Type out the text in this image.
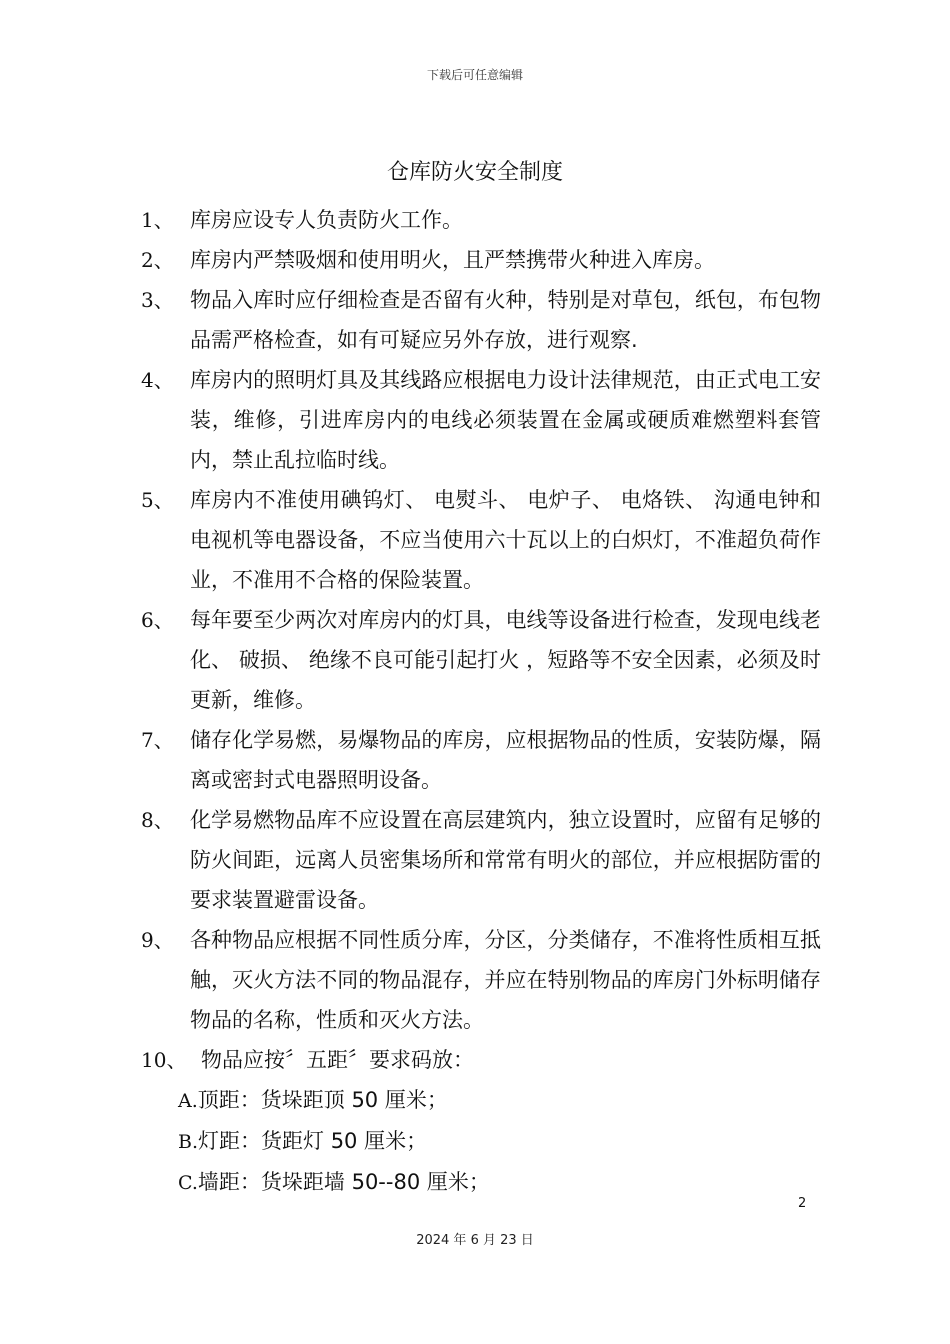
下载后可任意编辑
仓库防火安全制度
1、 库房应设专人负责防火工作。
2、 库房内严禁吸烟和使用明火，且严禁携带火种进入库房。
3、 物品入库时应仔细检查是否留有火种，特别是对草包，纸包，布包物品需严格检查，如有可疑应另外存放，进行观察.
4、 库房内的照明灯具及其线路应根据电力设计法律规范，由正式电工安装，维修，引进库房内的电线必须装置在金属或硬质难燃塑料套管内，禁止乱拉临时线。
5、 库房内不准使用碘钨灯、 电熨斗、 电炉子、 电烙铁、 沟通电钟和电视机等电器设备，不应当使用六十瓦以上的白炽灯，不准超负荷作业，不准用不合格的保险装置。
6、 每年要至少两次对库房内的灯具，电线等设备进行检查，发现电线老化、 破损、 绝缘不良可能引起打火 ，短路等不安全因素，必须及时更新，维修。
7、 储存化学易燃，易爆物品的库房，应根据物品的性质，安装防爆，隔离或密封式电器照明设备。
8、 化学易燃物品库不应设置在高层建筑内，独立设置时，应留有足够的防火间距，远离人员密集场所和常常有明火的部位，并应根据防雷的要求装置避雷设备。
9、 各种物品应根据不同性质分库，分区，分类储存，不准将性质相互抵触，灭火方法不同的物品混存，并应在特别物品的库房门外标明储存物品的名称，性质和灭火方法。
10、 物品应按〞五距〞要求码放：
A.顶距：货垛距顶 50 厘米；
B.灯距：货距灯 50 厘米；
C.墙距：货垛距墙 50--80 厘米；
2
2024 年 6 月 23 日
